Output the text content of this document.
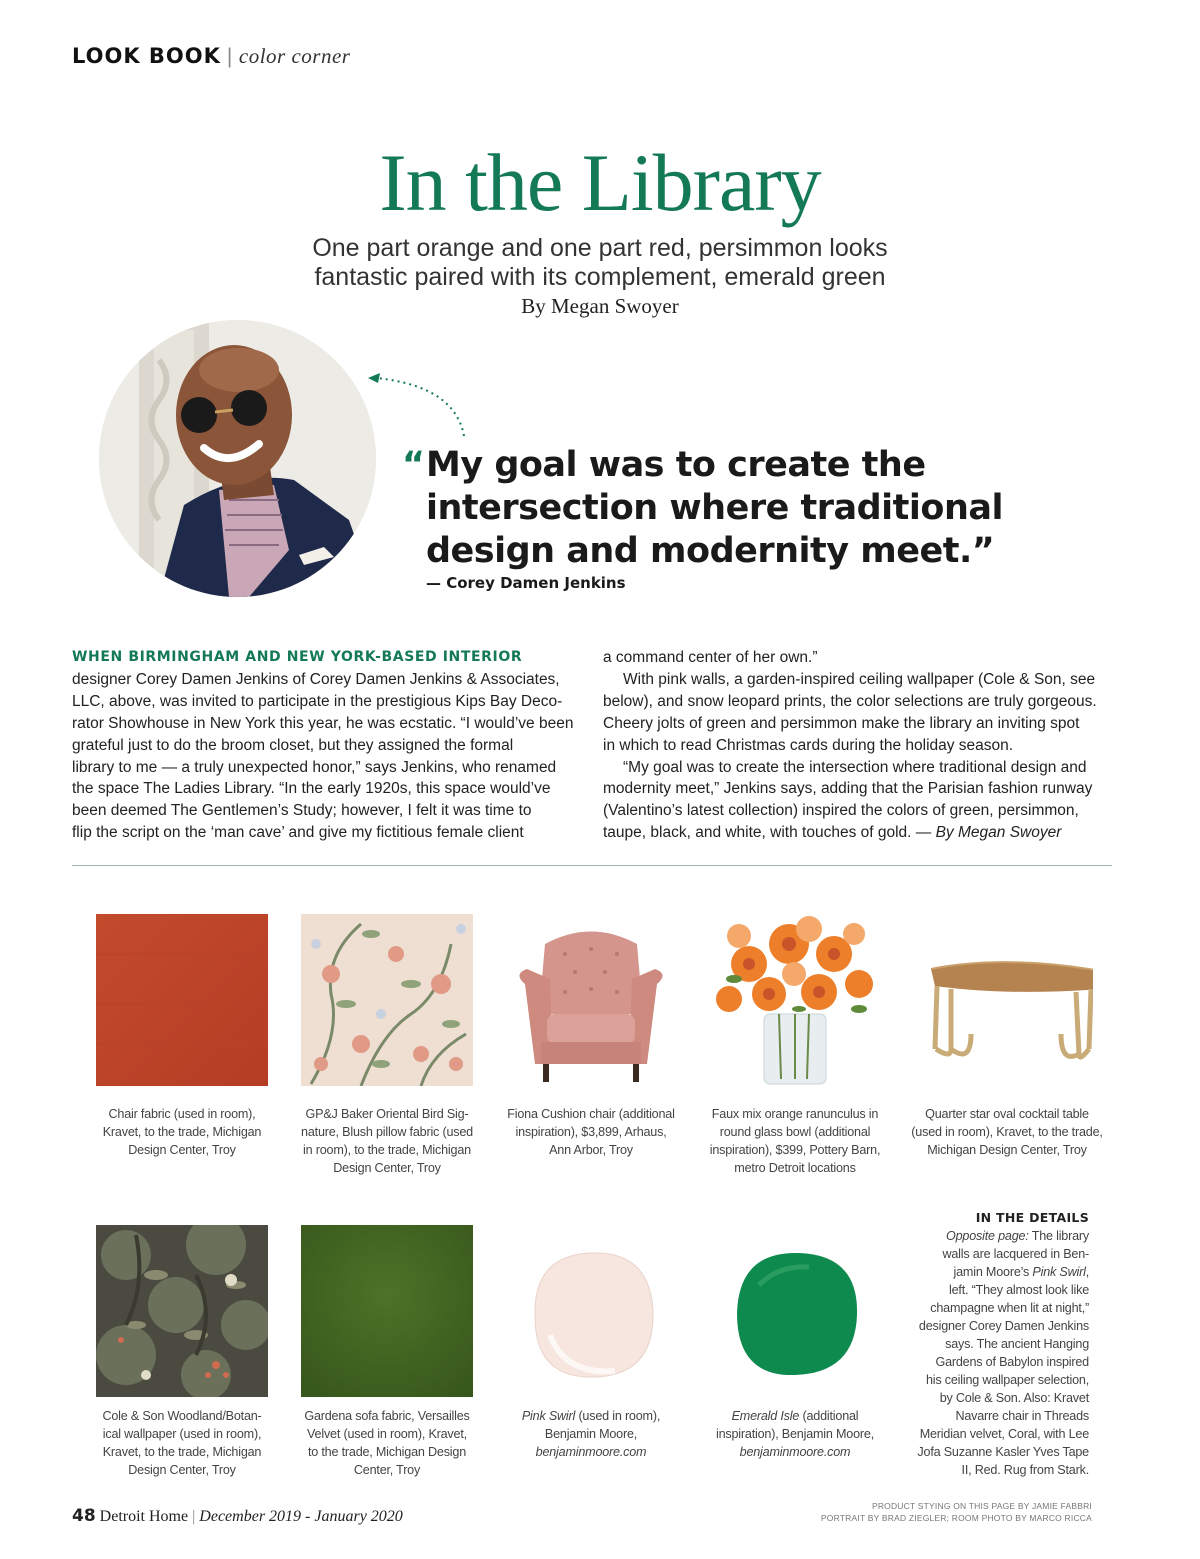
LOOK BOOK | color corner
In the Library
One part orange and one part red, persimmon looks
fantastic paired with its complement, emerald green
By Megan Swoyer
“ My goal was to create the
intersection where traditional
design and modernity meet.”
— Corey Damen Jenkins
WHEN BIRMINGHAM AND NEW YORK-BASED INTERIOR
designer Corey Damen Jenkins of Corey Damen Jenkins & Associates,
LLC, above, was invited to participate in the prestigious Kips Bay Deco-
rator Showhouse in New York this year, he was ecstatic. “I would’ve been
grateful just to do the broom closet, but they assigned the formal
library to me — a truly unexpected honor,” says Jenkins, who renamed
the space The Ladies Library. “In the early 1920s, this space would’ve
been deemed The Gentlemen’s Study; however, I felt it was time to
flip the script on the ‘man cave’ and give my fictitious female client
a command center of her own.”
With pink walls, a garden-inspired ceiling wallpaper (Cole & Son, see
below), and snow leopard prints, the color selections are truly gorgeous.
Cheery jolts of green and persimmon make the library an inviting spot
in which to read Christmas cards during the holiday season.
“My goal was to create the intersection where traditional design and
modernity meet,” Jenkins says, adding that the Parisian fashion runway
(Valentino’s latest collection) inspired the colors of green, persimmon,
taupe, black, and white, with touches of gold. — By Megan Swoyer
Chair fabric (used in room),
Kravet, to the trade, Michigan
Design Center, Troy
GP&J Baker Oriental Bird Sig-
nature, Blush pillow fabric (used
in room), to the trade, Michigan
Design Center, Troy
Fiona Cushion chair (additional
inspiration), $3,899, Arhaus,
Ann Arbor, Troy
Faux mix orange ranunculus in
round glass bowl (additional
inspiration), $399, Pottery Barn,
metro Detroit locations
Quarter star oval cocktail table
(used in room), Kravet, to the trade,
Michigan Design Center, Troy
Cole & Son Woodland/Botan-
ical wallpaper (used in room),
Kravet, to the trade, Michigan
Design Center, Troy
Gardena sofa fabric, Versailles
Velvet (used in room), Kravet,
to the trade, Michigan Design
Center, Troy
Pink Swirl (used in room),
Benjamin Moore,
benjaminmoore.com
Emerald Isle (additional
inspiration), Benjamin Moore,
benjaminmoore.com
IN THE DETAILS
Opposite page: The library
walls are lacquered in Ben-
jamin Moore’s Pink Swirl,
left. “They almost look like
champagne when lit at night,”
designer Corey Damen Jenkins
says. The ancient Hanging
Gardens of Babylon inspired
his ceiling wallpaper selection,
by Cole & Son. Also: Kravet
Navarre chair in Threads
Meridian velvet, Coral, with Lee
Jofa Suzanne Kasler Yves Tape
II, Red. Rug from Stark.
48 Detroit Home | December 2019 - January 2020
PRODUCT STYING ON THIS PAGE BY JAMIE FABBRI
PORTRAIT BY BRAD ZIEGLER; ROOM PHOTO BY MARCO RICCA
